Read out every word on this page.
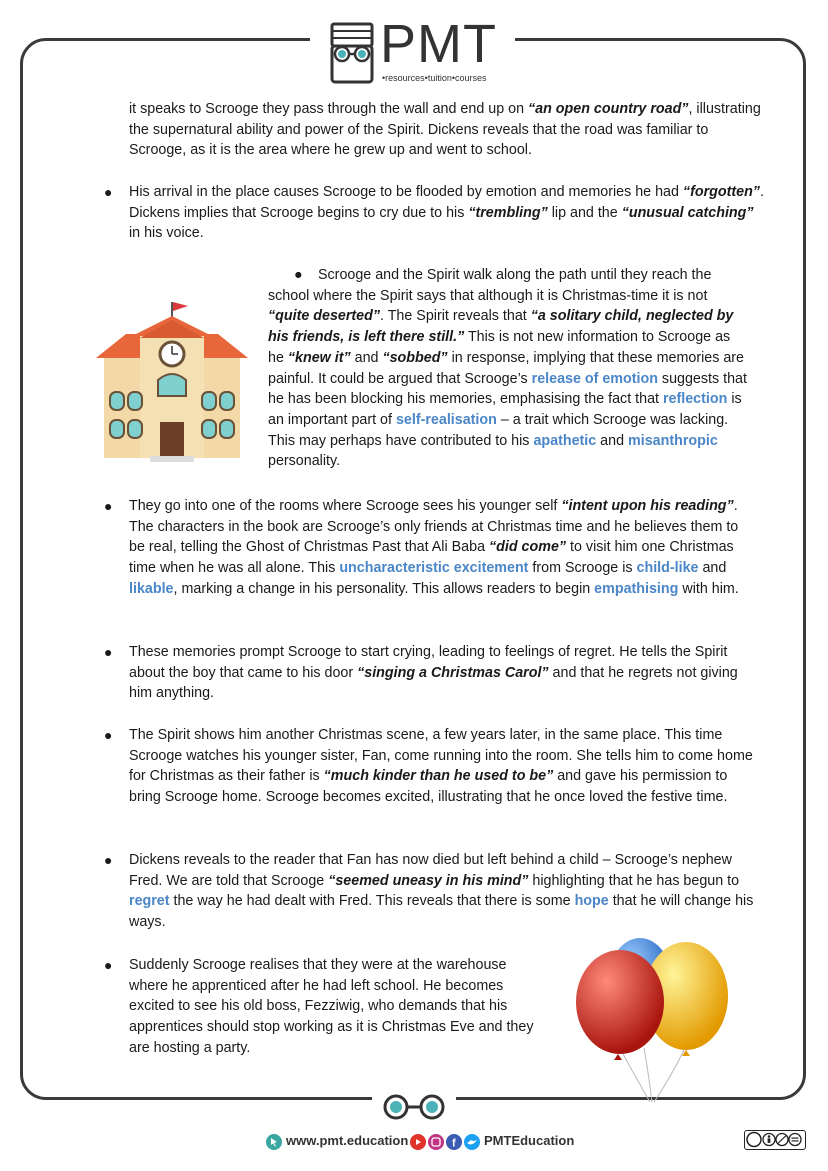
PMT
•resources•tuition•courses

it speaks to Scrooge they pass through the wall and end up on “an open country road”, illustrating the supernatural ability and power of the Spirit. Dickens reveals that the road was familiar to Scrooge, as it is the area where he grew up and went to school.

● His arrival in the place causes Scrooge to be flooded by emotion and memories he had “forgotten”. Dickens implies that Scrooge begins to cry due to his “trembling” lip and the “unusual catching” in his voice.

● Scrooge and the Spirit walk along the path until they reach the school where the Spirit says that although it is Christmas-time it is not “quite deserted”. The Spirit reveals that “a solitary child, neglected by his friends, is left there still.” This is not new information to Scrooge as he “knew it” and “sobbed” in response, implying that these memories are painful. It could be argued that Scrooge’s release of emotion suggests that he has been blocking his memories, emphasising the fact that reflection is an important part of self-realisation – a trait which Scrooge was lacking. This may perhaps have contributed to his apathetic and misanthropic personality.

● They go into one of the rooms where Scrooge sees his younger self “intent upon his reading”. The characters in the book are Scrooge’s only friends at Christmas time and he believes them to be real, telling the Ghost of Christmas Past that Ali Baba “did come” to visit him one Christmas time when he was all alone. This uncharacteristic excitement from Scrooge is child-like and likable, marking a change in his personality. This allows readers to begin empathising with him.

● These memories prompt Scrooge to start crying, leading to feelings of regret. He tells the Spirit about the boy that came to his door “singing a Christmas Carol” and that he regrets not giving him anything.

● The Spirit shows him another Christmas scene, a few years later, in the same place. This time Scrooge watches his younger sister, Fan, come running into the room. She tells him to come home for Christmas as their father is “much kinder than he used to be” and gave his permission to bring Scrooge home. Scrooge becomes excited, illustrating that he once loved the festive time.

● Dickens reveals to the reader that Fan has now died but left behind a child – Scrooge’s nephew Fred. We are told that Scrooge “seemed uneasy in his mind” highlighting that he has begun to regret the way he had dealt with Fred. This reveals that there is some hope that he will change his ways.

● Suddenly Scrooge realises that they were at the warehouse where he apprenticed after he had left school. He becomes excited to see his old boss, Fezziwig, who demands that his apprentices should stop working as it is Christmas Eve and they are hosting a party.

www.pmt.education	f PMTEducation
